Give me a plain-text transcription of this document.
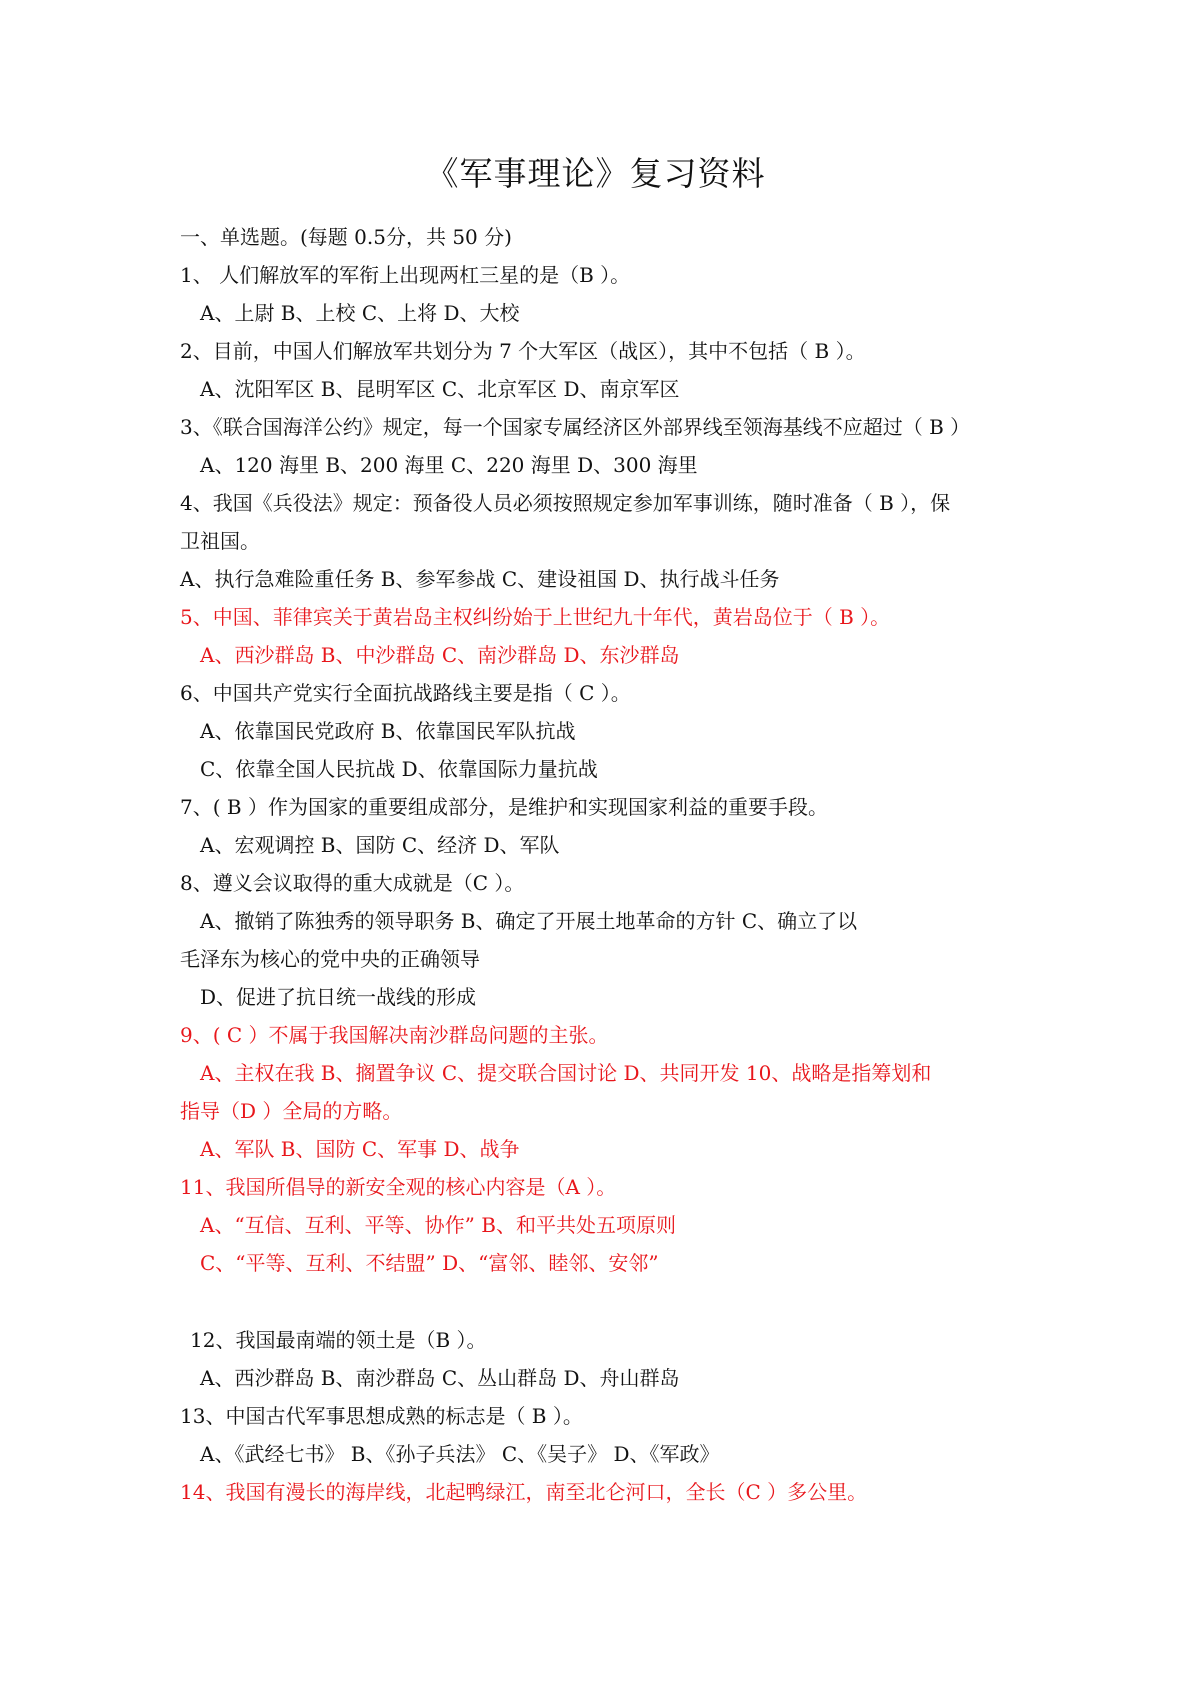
《军事理论》复习资料
一、单选题。(每题 0.5分，共 50 分)
1、 人们解放军的军衔上出现两杠三星的是（B ）。
A、上尉 B、上校 C、上将 D、大校
2、目前，中国人们解放军共划分为 7 个大军区（战区），其中不包括（ B ）。
A、沈阳军区 B、昆明军区 C、北京军区 D、南京军区
3、《联合国海洋公约》规定，每一个国家专属经济区外部界线至领海基线不应超过（ B ）
A、120 海里 B、200 海里 C、220 海里 D、300 海里
4、我国《兵役法》规定：预备役人员必须按照规定参加军事训练，随时准备（ B ），保
卫祖国。
A、执行急难险重任务 B、参军参战 C、建设祖国 D、执行战斗任务
5、中国、菲律宾关于黄岩岛主权纠纷始于上世纪九十年代，黄岩岛位于（ B ）。
A、西沙群岛 B、中沙群岛 C、南沙群岛 D、东沙群岛
6、中国共产党实行全面抗战路线主要是指（ C ）。
A、依靠国民党政府 B、依靠国民军队抗战
C、依靠全国人民抗战 D、依靠国际力量抗战
7、( B ）作为国家的重要组成部分，是维护和实现国家利益的重要手段。
A、宏观调控 B、国防 C、经济 D、军队
8、遵义会议取得的重大成就是（C ）。
A、撤销了陈独秀的领导职务 B、确定了开展土地革命的方针 C、确立了以
毛泽东为核心的党中央的正确领导
D、促进了抗日统一战线的形成
9、( C ）不属于我国解决南沙群岛问题的主张。
A、主权在我 B、搁置争议 C、提交联合国讨论 D、共同开发 10、战略是指筹划和
指导（D ）全局的方略。
A、军队 B、国防 C、军事 D、战争
11、我国所倡导的新安全观的核心内容是（A ）。
A、“互信、互利、平等、协作” B、和平共处五项原则
C、“平等、互利、不结盟” D、“富邻、睦邻、安邻”
12、我国最南端的领土是（B ）。
A、西沙群岛 B、南沙群岛 C、丛山群岛 D、舟山群岛
13、中国古代军事思想成熟的标志是（ B ）。
A、《武经七书》 B、《孙子兵法》 C、《吴子》 D、《军政》
14、我国有漫长的海岸线，北起鸭绿江，南至北仑河口，全长（C ）多公里。
